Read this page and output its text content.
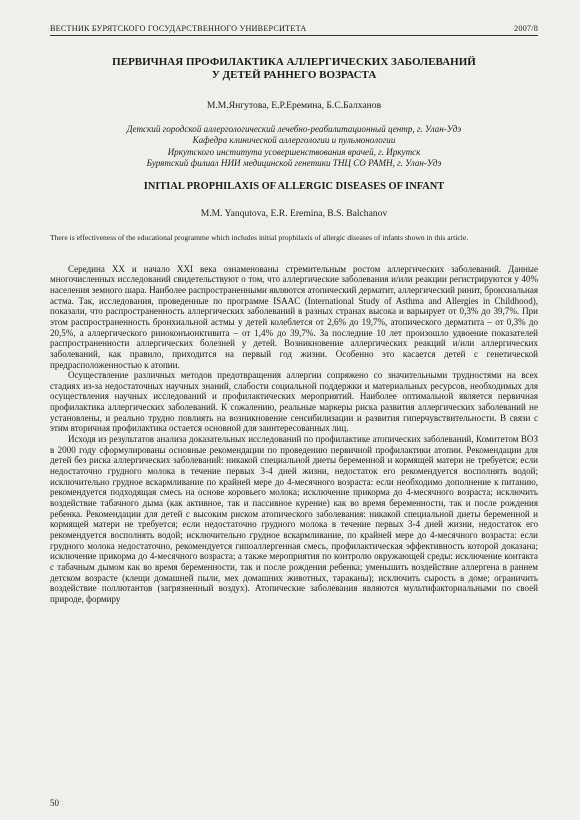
ВЕСТНИК БУРЯТСКОГО ГОСУДАРСТВЕННОГО УНИВЕРСИТЕТА	2007/8
ПЕРВИЧНАЯ ПРОФИЛАКТИКА АЛЛЕРГИЧЕСКИХ ЗАБОЛЕВАНИЙ
У ДЕТЕЙ РАННЕГО ВОЗРАСТА
М.М.Янгутова, Е.Р.Еремина, Б.С.Балханов
Детский городской аллергологический лечебно-реабилитационный центр, г. Улан-Удэ
Кафедра клинической аллергологии и пульмонологии
Иркутского института усовершенствования врачей, г. Иркутск
Бурятский филиал НИИ медицинской генетики ТНЦ СО РАМН, г. Улан-Удэ
INITIAL PROPHILAXIS OF ALLERGIC DISEASES OF INFANT
M.M. Yanqutova, E.R. Eremina, B.S. Balchanov
There is effectiveness of the educational programme which includes initial prophilaxis of allergic diseases of infants shown in this article.

Середина XX и начало XXI века ознаменованы стремительным ростом аллергических заболеваний. Данные многочисленных исследований свидетельствуют о том, что аллергические заболевания и/или реакции регистрируются у 40% населения земного шара. Наиболее распространенными являются атопический дерматит, аллергический ринит, бронхиальная астма. Так, исследования, проведенные по программе ISAAC (International Study of Asthma and Allergies in Childhood), показали, что распространенность аллергических заболеваний в разных странах высока и варьирует от 0,3% до 39,7%. При этом распространенность бронхиальной астмы у детей колеблется от 2,6% до 19,7%, атопического дерматита – от 0,3% до 20,5%, а аллергического риноконъюнктивита – от 1,4% до 39,7%. За последние 10 лет произошло удвоение показателей распространенности аллергических болезней у детей. Возникновение аллергических реакций и/или аллергических заболеваний, как правило, приходится на первый год жизни. Особенно это касается детей с генетической предрасположенностью к атопии.

Осуществление различных методов предотвращения аллергии сопряжено со значительными трудностями на всех стадиях из-за недостаточных научных знаний, слабости социальной поддержки и материальных ресурсов, необходимых для осуществления научных исследований и профилактических мероприятий. Наиболее оптимальной является первичная профилактика аллергических заболеваний. К сожалению, реальные маркеры риска развития аллергических заболеваний не установлены, и реально трудно повлиять на возникновение сенсибилизации и развития гиперчувствительности. В связи с этим вторичная профилактика остается основной для заинтересованных лиц.

Исходя из результатов анализа доказательных исследований по профилактике атопических заболеваний, Комитетом ВОЗ в 2000 году сформулированы основные рекомендации по проведению первичной профилактики атопии. Рекомендации для детей без риска аллергических заболеваний: никакой специальной диеты беременной и кормящей матери не требуется; если недостаточно грудного молока в течение первых 3-4 дней жизни, недостаток его рекомендуется восполнять водой; исключительно грудное вскармливание по крайней мере до 4-месячного возраста: если необходимо дополнение к питанию, рекомендуется подходящая смесь на основе коровьего молока; исключение прикорма до 4-месячного возраста; исключить воздействие табачного дыма (как активное, так и пассивное курение) как во время беременности, так и после рождения ребенка. Рекомендации для детей с высоким риском атопического заболевания: никакой специальной диеты беременной и кормящей матери не требуется; если недостаточно грудного молока в течение первых 3-4 дней жизни, недостаток его рекомендуется восполнять водой; исключительно грудное вскармливание, по крайней мере до 4-месячного возраста: если грудного молока недостаточно, рекомендуется гипоаллергенная смесь, профилактическая эффективность которой доказана; исключение прикорма до 4-месячного возраста; а также мероприятия по контролю окружающей среды: исключение контакта с табачным дымом как во время беременности, так и после рождения ребенка; уменьшить воздействие аллергена в раннем детском возрасте (клещи домашней пыли, мех домашних животных, тараканы); исключить сырость в доме; ограничить воздействие поллютантов (загрязненный воздух). Атопические заболевания являются мультифакториальными по своей природе, формиру

50
